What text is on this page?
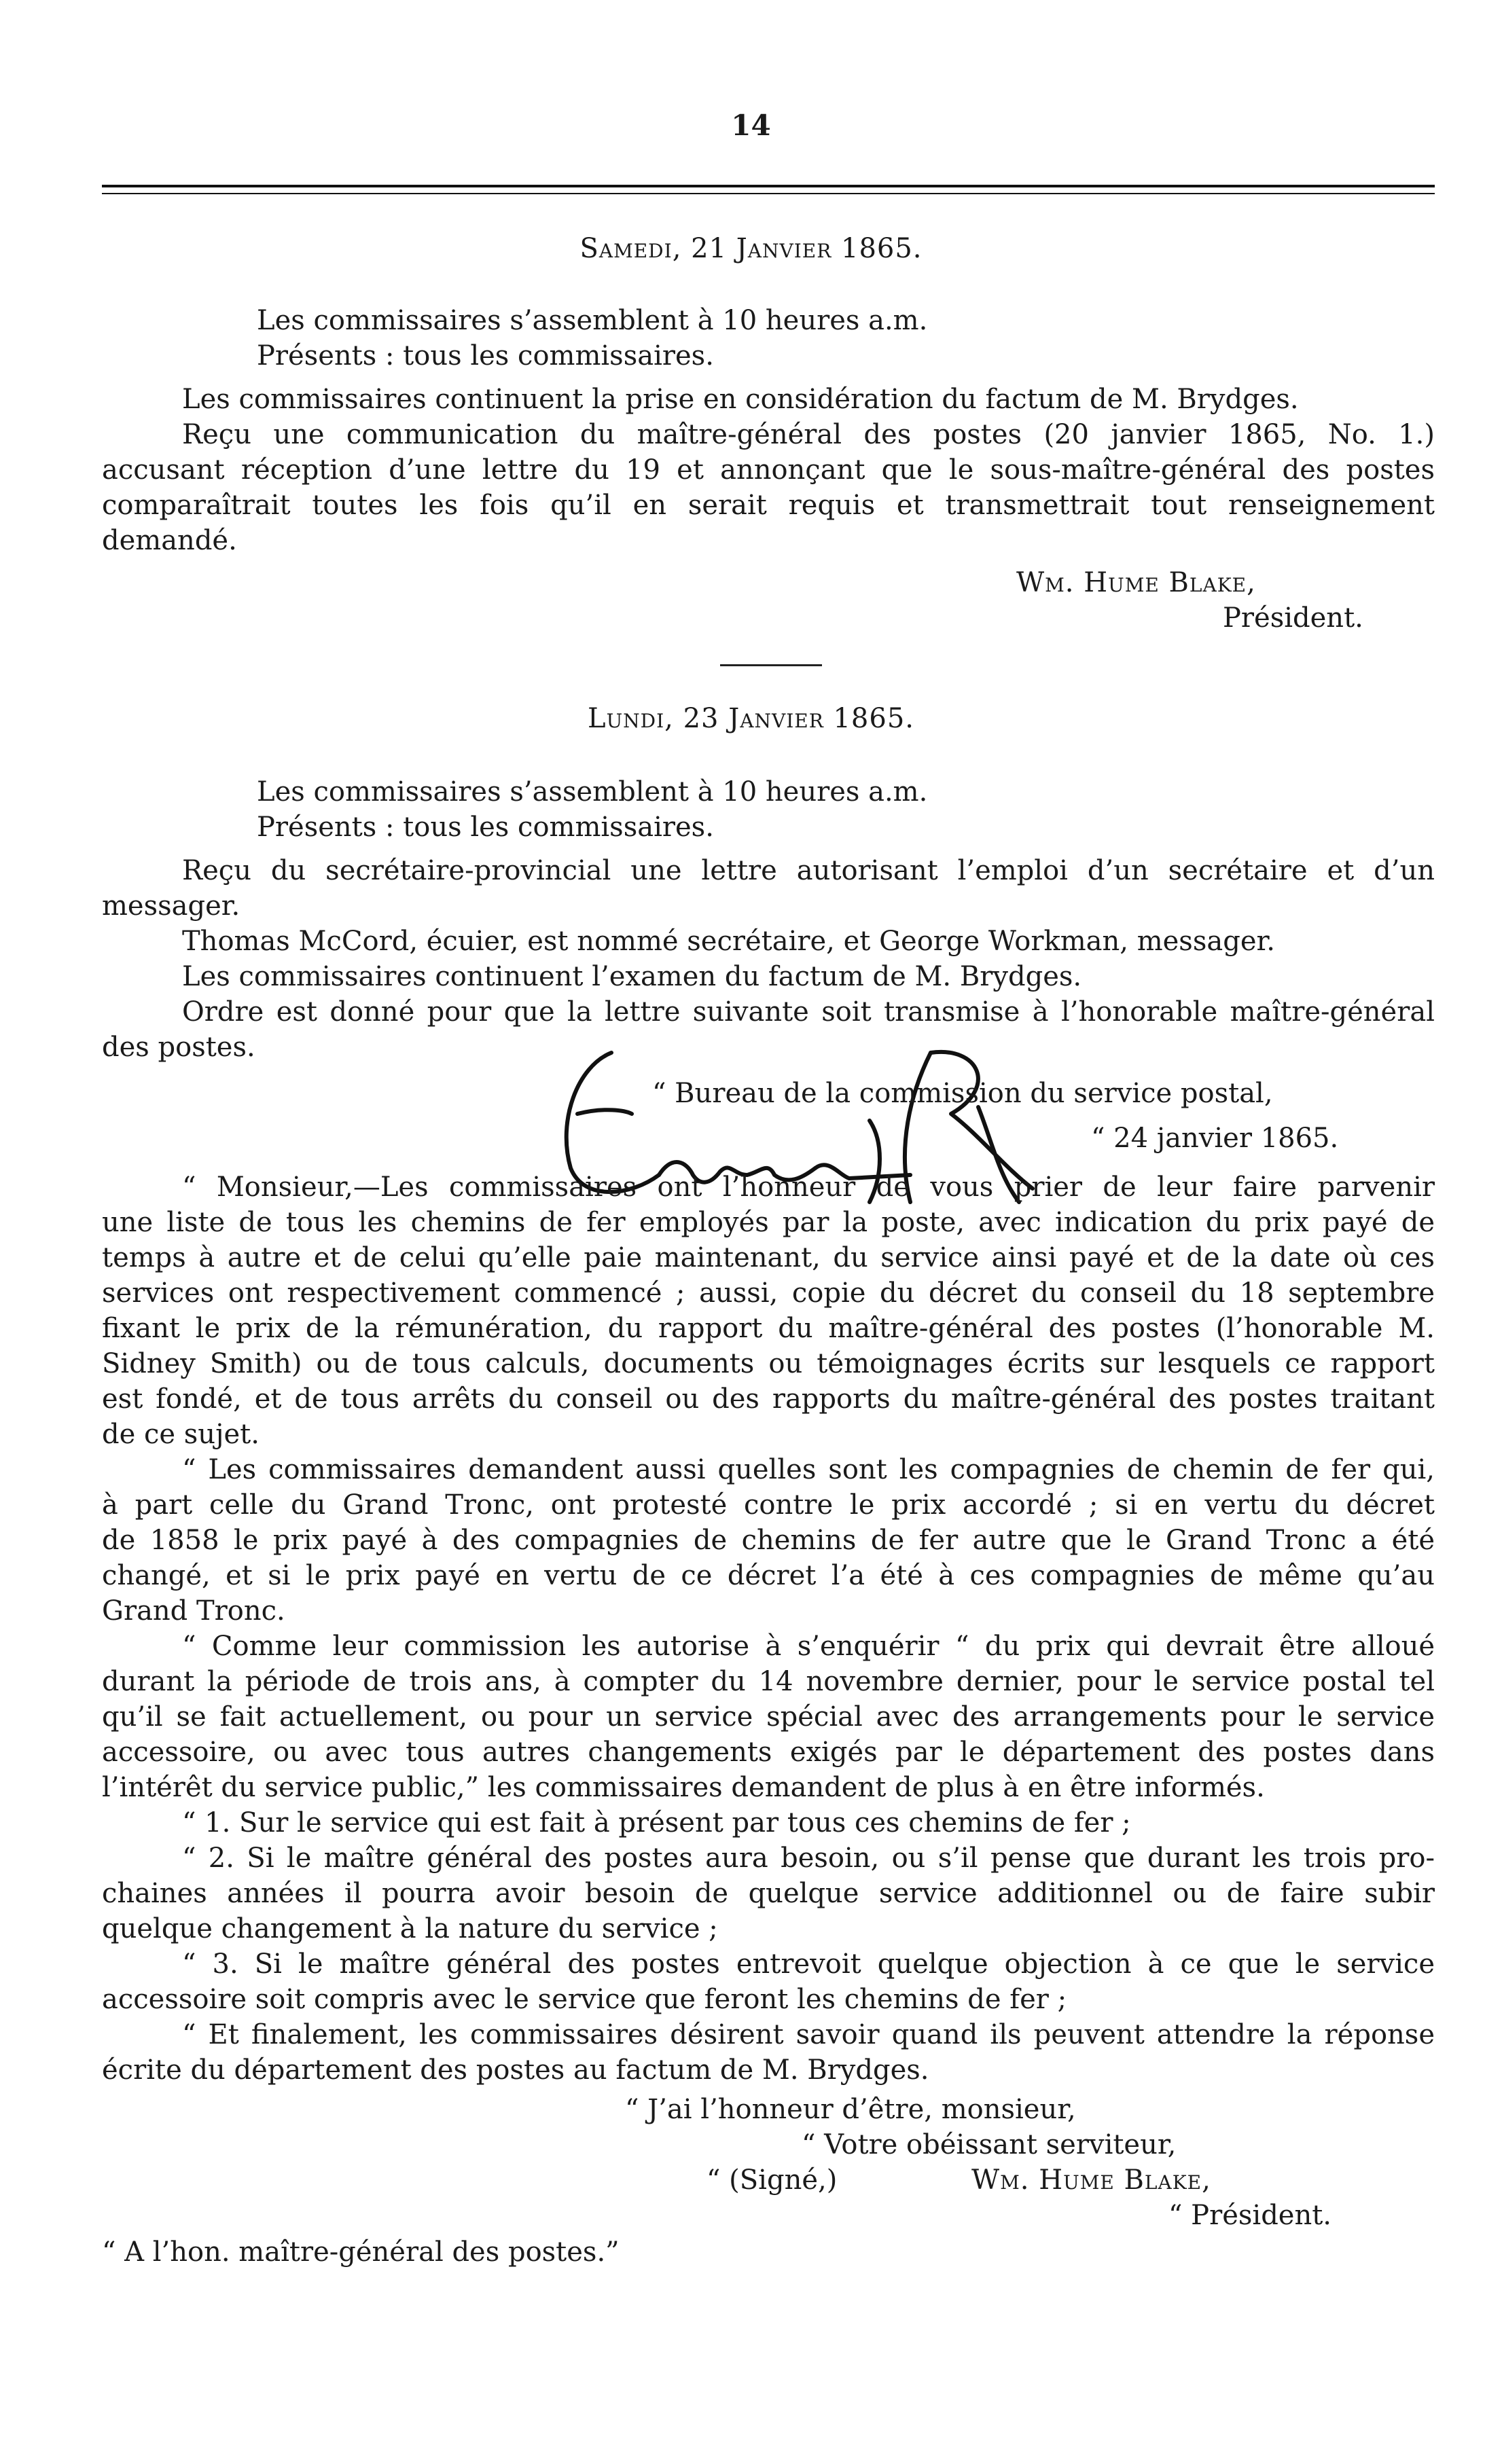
14

Samedi, 21 Janvier 1865.

Les commissaires s’assemblent à 10 heures a.m.

Présents : tous les commissaires.

Les commissaires continuent la prise en considération du factum de M. Brydges.

Reçu une communication du maître-général des postes (20 janvier 1865, No. 1.)

accusant réception d’une lettre du 19 et annonçant que le sous-maître-général des postes

comparaîtrait toutes les fois qu’il en serait requis et transmettrait tout renseignement

demandé.

Wm. Hume Blake,

Président.

Lundi, 23 Janvier 1865.

Les commissaires s’assemblent à 10 heures a.m.

Présents : tous les commissaires.

Reçu du secrétaire-provincial une lettre autorisant l’emploi d’un secrétaire et d’un

messager.

Thomas McCord, écuier, est nommé secrétaire, et George Workman, messager.

Les commissaires continuent l’examen du factum de M. Brydges.

Ordre est donné pour que la lettre suivante soit transmise à l’honorable maître-général

des postes.

“ Bureau de la commission du service postal,

“ 24 janvier 1865.

“ Monsieur,—Les commissaires ont l’honneur de vous prier de leur faire parvenir

une liste de tous les chemins de fer employés par la poste, avec indication du prix payé de

temps à autre et de celui qu’elle paie maintenant, du service ainsi payé et de la date où ces

services ont respectivement commencé ; aussi, copie du décret du conseil du 18 septembre

fixant le prix de la rémunération, du rapport du maître-général des postes (l’honorable M.

Sidney Smith) ou de tous calculs, documents ou témoignages écrits sur lesquels ce rapport

est fondé, et de tous arrêts du conseil ou des rapports du maître-général des postes traitant

de ce sujet.

“ Les commissaires demandent aussi quelles sont les compagnies de chemin de fer qui,

à part celle du Grand Tronc, ont protesté contre le prix accordé ; si en vertu du décret

de 1858 le prix payé à des compagnies de chemins de fer autre que le Grand Tronc a été

changé, et si le prix payé en vertu de ce décret l’a été à ces compagnies de même qu’au

Grand Tronc.

“ Comme leur commission les autorise à s’enquérir “ du prix qui devrait être alloué

durant la période de trois ans, à compter du 14 novembre dernier, pour le service postal tel

qu’il se fait actuellement, ou pour un service spécial avec des arrangements pour le service

accessoire, ou avec tous autres changements exigés par le département des postes dans

l’intérêt du service public,” les commissaires demandent de plus à en être informés.

“ 1. Sur le service qui est fait à présent par tous ces chemins de fer ;

“ 2. Si le maître général des postes aura besoin, ou s’il pense que durant les trois pro-

chaines années il pourra avoir besoin de quelque service additionnel ou de faire subir

quelque changement à la nature du service ;

“ 3. Si le maître général des postes entrevoit quelque objection à ce que le service

accessoire soit compris avec le service que feront les chemins de fer ;

“ Et finalement, les commissaires désirent savoir quand ils peuvent attendre la réponse

écrite du département des postes au factum de M. Brydges.

“ J’ai l’honneur d’être, monsieur,

“ Votre obéissant serviteur,

“ (Signé,)	Wm. Hume Blake,

“ Président.

“ A l’hon. maître-général des postes.”
